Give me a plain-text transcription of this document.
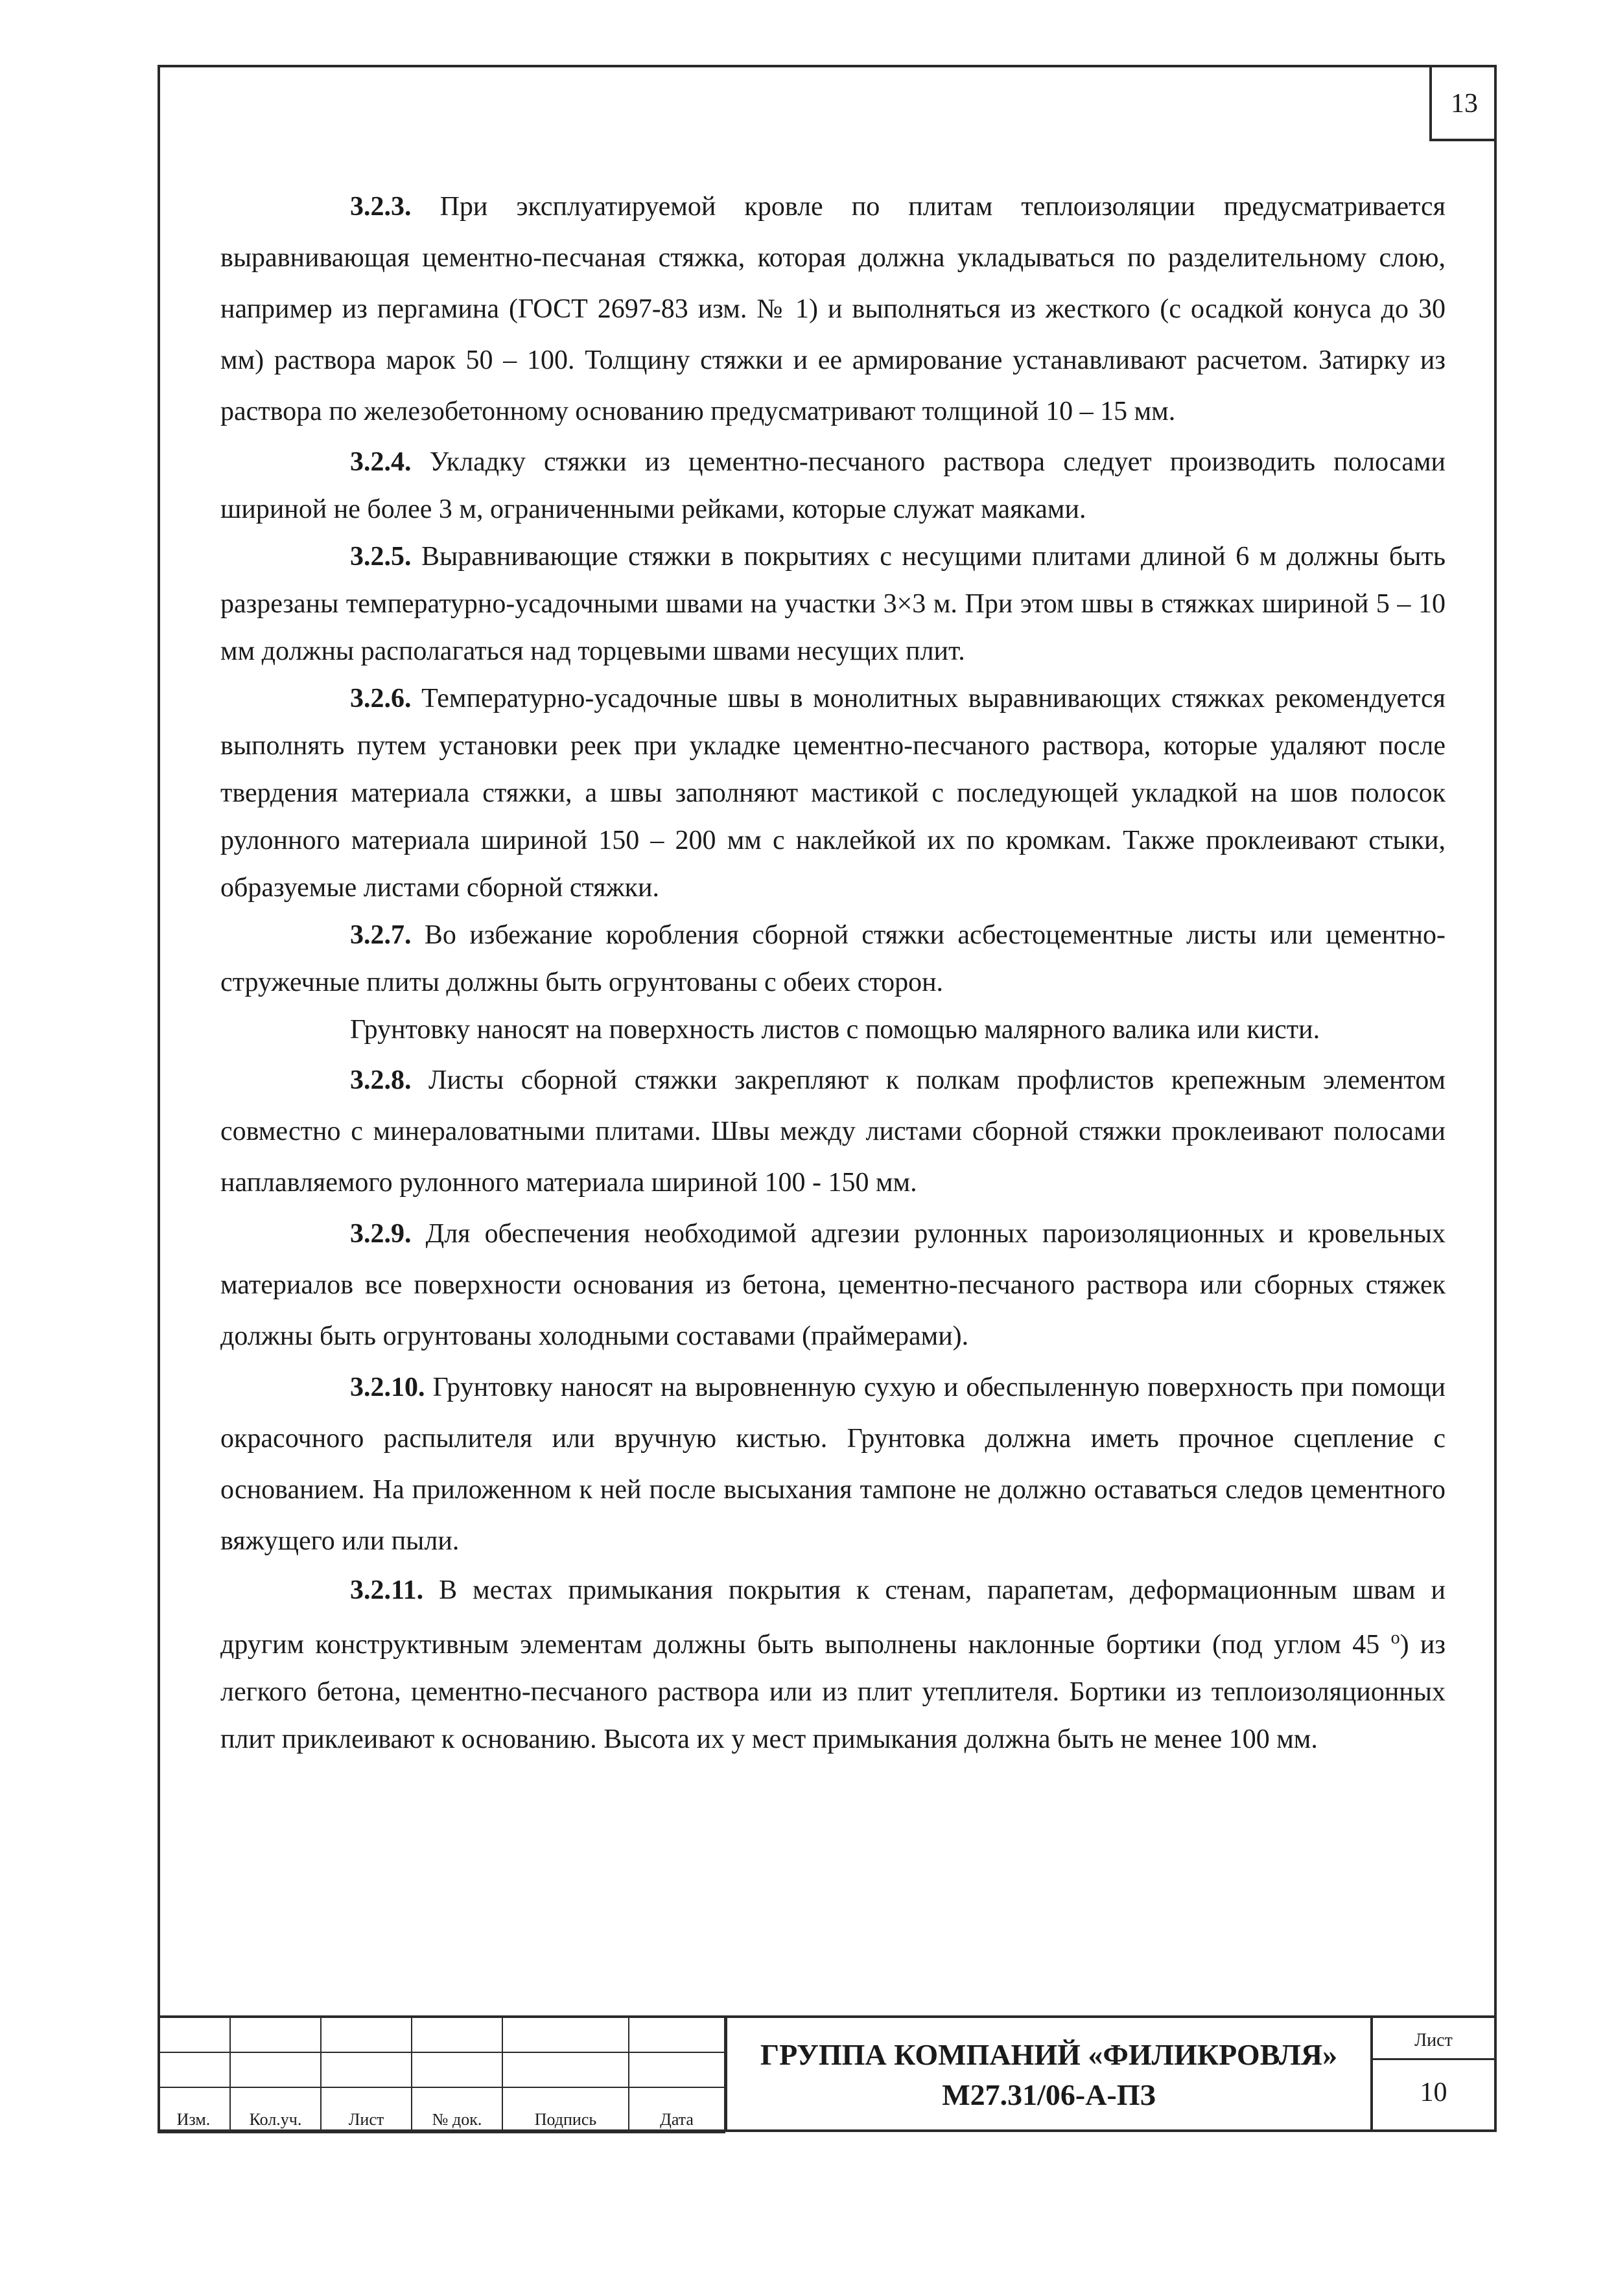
13

3.2.3. При эксплуатируемой кровле по плитам теплоизоляции предусматривается выравнивающая цементно-песчаная стяжка, которая должна укладываться по разделительному слою, например из пергамина (ГОСТ 2697-83 изм. № 1) и выполняться из жесткого (с осадкой конуса до 30 мм) раствора марок 50 – 100. Толщину стяжки и ее армирование устанавливают расчетом. Затирку из раствора по железобетонному основанию предусматривают толщиной 10 – 15 мм.

3.2.4. Укладку стяжки из цементно-песчаного раствора следует производить полосами шириной не более 3 м, ограниченными рейками, которые служат маяками.

3.2.5. Выравнивающие стяжки в покрытиях с несущими плитами длиной 6 м должны быть разрезаны температурно-усадочными швами на участки 3×3 м. При этом швы в стяжках шириной 5 – 10 мм должны располагаться над торцевыми швами несущих плит.

3.2.6. Температурно-усадочные швы в монолитных выравнивающих стяжках рекомендуется выполнять путем установки реек при укладке цементно-песчаного раствора, которые удаляют после твердения материала стяжки, а швы заполняют мастикой с последующей укладкой на шов полосок рулонного материала шириной 150 – 200 мм с наклейкой их по кромкам. Также проклеивают стыки, образуемые листами сборной стяжки.

3.2.7. Во избежание коробления сборной стяжки асбестоцементные листы или цементно-стружечные плиты должны быть огрунтованы с обеих сторон.

Грунтовку наносят на поверхность листов с помощью малярного валика или кисти.

3.2.8. Листы сборной стяжки закрепляют к полкам профлистов крепежным элементом совместно с минераловатными плитами. Швы между листами сборной стяжки проклеивают полосами наплавляемого рулонного материала шириной 100 - 150 мм.

3.2.9. Для обеспечения необходимой адгезии рулонных пароизоляционных и кровельных материалов все поверхности основания из бетона, цементно-песчаного раствора или сборных стяжек должны быть огрунтованы холодными составами (праймерами).

3.2.10. Грунтовку наносят на выровненную сухую и обеспыленную поверхность при помощи окрасочного распылителя или вручную кистью. Грунтовка должна иметь прочное сцепление с основанием. На приложенном к ней после высыхания тампоне не должно оставаться следов цементного вяжущего или пыли.

3.2.11. В местах примыкания покрытия к стенам, парапетам, деформационным швам и другим конструктивным элементам должны быть выполнены наклонные бортики (под углом 45 $^о$) из легкого бетона, цементно-песчаного раствора или из плит утеплителя. Бортики из теплоизоляционных плит приклеивают к основанию. Высота их у мест примыкания должна быть не менее 100 мм.

Изм.	Кол.уч.	Лист	№ док.	Подпись	Дата
ГРУППА КОМПАНИЙ «ФИЛИКРОВЛЯ»
М27.31/06-А-ПЗ
Лист
10
